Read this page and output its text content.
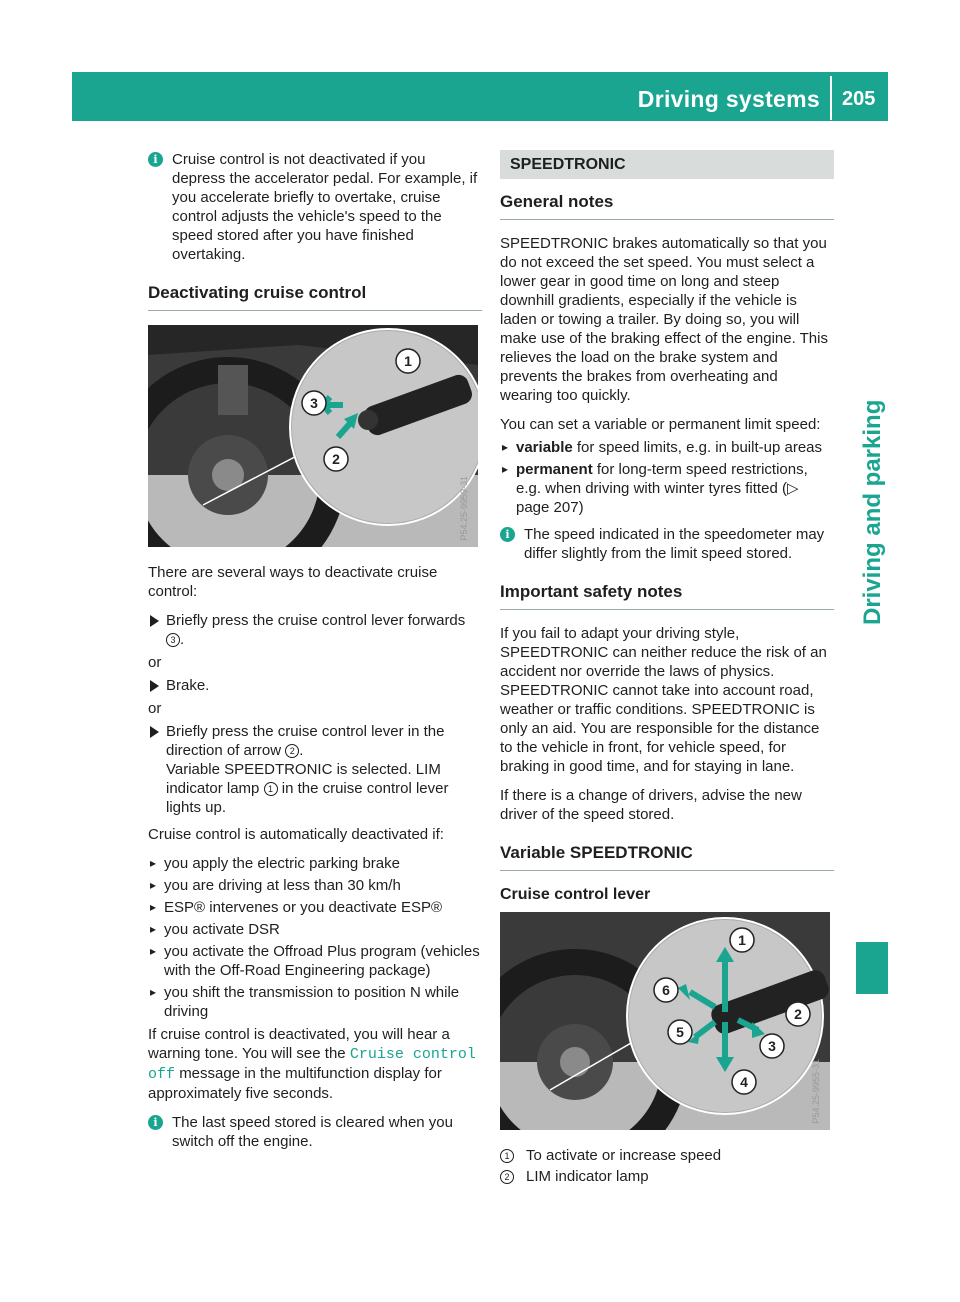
Driving systems 205
Driving and parking
i Cruise control is not deactivated if you depress the accelerator pedal. For example, if you accelerate briefly to overtake, cruise control adjusts the vehicle's speed to the speed stored after you have finished overtaking.
Deactivating cruise control
1
3
2
P54.25-9959-31

There are several ways to deactivate cruise control:

Briefly press the cruise control lever forwards 3 .
or
Brake.
or
Briefly press the cruise control lever in the direction of arrow 2 .
Variable SPEEDTRONIC is selected. LIM indicator lamp 1 in the cruise control lever lights up.

Cruise control is automatically deactivated if:

▸ you apply the electric parking brake
▸ you are driving at less than 30 km/h
▸ ESP® intervenes or you deactivate ESP®
▸ you activate DSR
▸ you activate the Offroad Plus program (vehicles with the Off-Road Engineering package)
▸ you shift the transmission to position N while driving

If cruise control is deactivated, you will hear a warning tone. You will see the Cruise control off message in the multifunction display for approximately five seconds.

i The last speed stored is cleared when you switch off the engine.
SPEEDTRONIC
General notes

SPEEDTRONIC brakes automatically so that you do not exceed the set speed. You must select a lower gear in good time on long and steep downhill gradients, especially if the vehicle is laden or towing a trailer. By doing so, you will make use of the braking effect of the engine. This relieves the load on the brake system and prevents the brakes from overheating and wearing too quickly.

You can set a variable or permanent limit speed:

▸ variable for speed limits, e.g. in built-up areas
▸ permanent for long-term speed restrictions, e.g. when driving with winter tyres fitted (▷ page 207)
i The speed indicated in the speedometer may differ slightly from the limit speed stored.
Important safety notes

If you fail to adapt your driving style, SPEEDTRONIC can neither reduce the risk of an accident nor override the laws of physics. SPEEDTRONIC cannot take into account road, weather or traffic conditions. SPEEDTRONIC is only an aid. You are responsible for the distance to the vehicle in front, for vehicle speed, for braking in good time, and for staying in lane.

If there is a change of drivers, advise the new driver of the speed stored.

Variable SPEEDTRONIC
Cruise control lever
1
2
3
4
5
6
P54.25-9955-31
1	To activate or increase speed
2	LIM indicator lamp
